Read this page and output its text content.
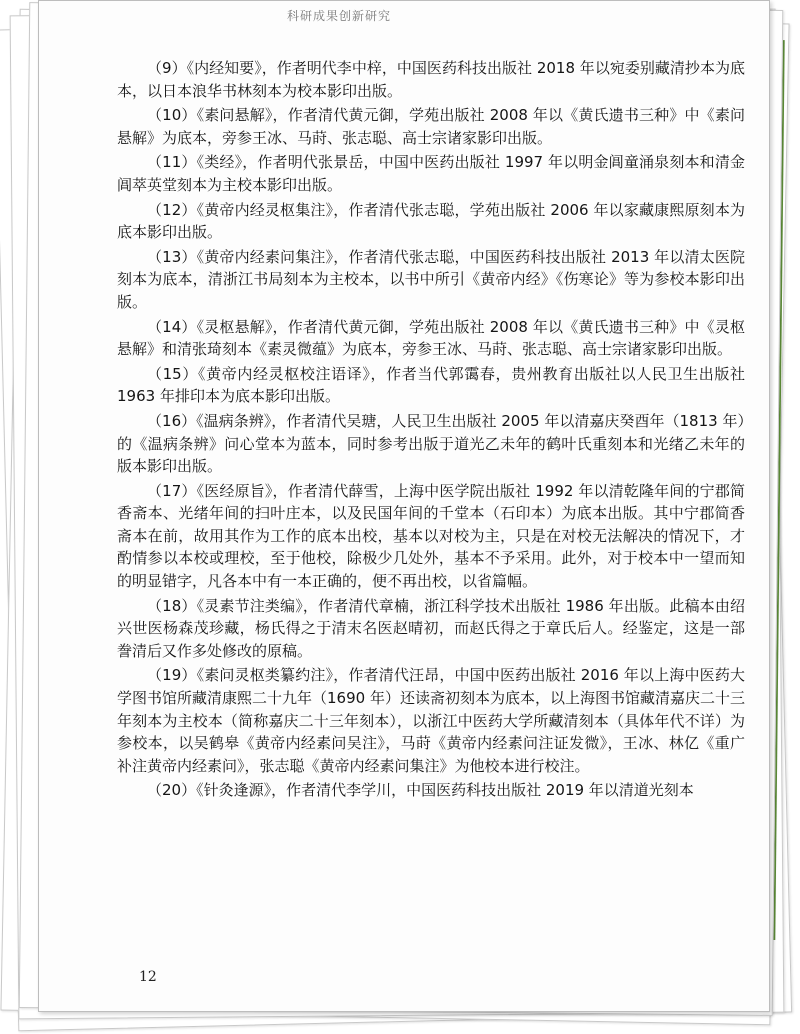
科研成果创新研究

（9）《内经知要》，作者明代李中梓，中国医药科技出版社 2018 年以宛委别藏清抄本为底本，以日本浪华书林刻本为校本影印出版。

（10）《素问悬解》，作者清代黄元御，学苑出版社 2008 年以《黄氏遗书三种》中《素问悬解》为底本，旁参王冰、马莳、张志聪、高士宗诸家影印出版。

（11）《类经》，作者明代张景岳，中国中医药出版社 1997 年以明金阊童涌泉刻本和清金阊萃英堂刻本为主校本影印出版。

（12）《黄帝内经灵枢集注》，作者清代张志聪，学苑出版社 2006 年以家藏康熙原刻本为底本影印出版。

（13）《黄帝内经素问集注》，作者清代张志聪，中国医药科技出版社 2013 年以清太医院刻本为底本，清浙江书局刻本为主校本，以书中所引《黄帝内经》《伤寒论》等为参校本影印出版。

（14）《灵枢悬解》，作者清代黄元御，学苑出版社 2008 年以《黄氏遗书三种》中《灵枢悬解》和清张琦刻本《素灵微蕴》为底本，旁参王冰、马莳、张志聪、高士宗诸家影印出版。

（15）《黄帝内经灵枢校注语译》，作者当代郭霭春，贵州教育出版社以人民卫生出版社 1963 年排印本为底本影印出版。

（16）《温病条辨》，作者清代吴瑭，人民卫生出版社 2005 年以清嘉庆癸酉年（1813 年）的《温病条辨》问心堂本为蓝本，同时参考出版于道光乙未年的鹤叶氏重刻本和光绪乙未年的版本影印出版。

（17）《医经原旨》，作者清代薛雪，上海中医学院出版社 1992 年以清乾隆年间的宁郡简香斋本、光绪年间的扫叶庄本，以及民国年间的千堂本（石印本）为底本出版。其中宁郡简香斋本在前，故用其作为工作的底本出校，基本以对校为主，只是在对校无法解决的情况下，才酌情参以本校或理校，至于他校，除极少几处外，基本不予采用。此外，对于校本中一望而知的明显错字，凡各本中有一本正确的，便不再出校，以省篇幅。

（18）《灵素节注类编》，作者清代章楠，浙江科学技术出版社 1986 年出版。此稿本由绍兴世医杨森茂珍藏，杨氏得之于清末名医赵晴初，而赵氏得之于章氏后人。经鉴定，这是一部誊清后又作多处修改的原稿。

（19）《素问灵枢类纂约注》，作者清代汪昂，中国中医药出版社 2016 年以上海中医药大学图书馆所藏清康熙二十九年（1690 年）还读斋初刻本为底本，以上海图书馆藏清嘉庆二十三年刻本为主校本（简称嘉庆二十三年刻本），以浙江中医药大学所藏清刻本（具体年代不详）为参校本，以吴鹤皋《黄帝内经素问吴注》，马莳《黄帝内经素问注证发微》，王冰、林亿《重广补注黄帝内经素问》，张志聪《黄帝内经素问集注》为他校本进行校注。

（20）《针灸逢源》，作者清代李学川，中国医药科技出版社 2019 年以清道光刻本

12
